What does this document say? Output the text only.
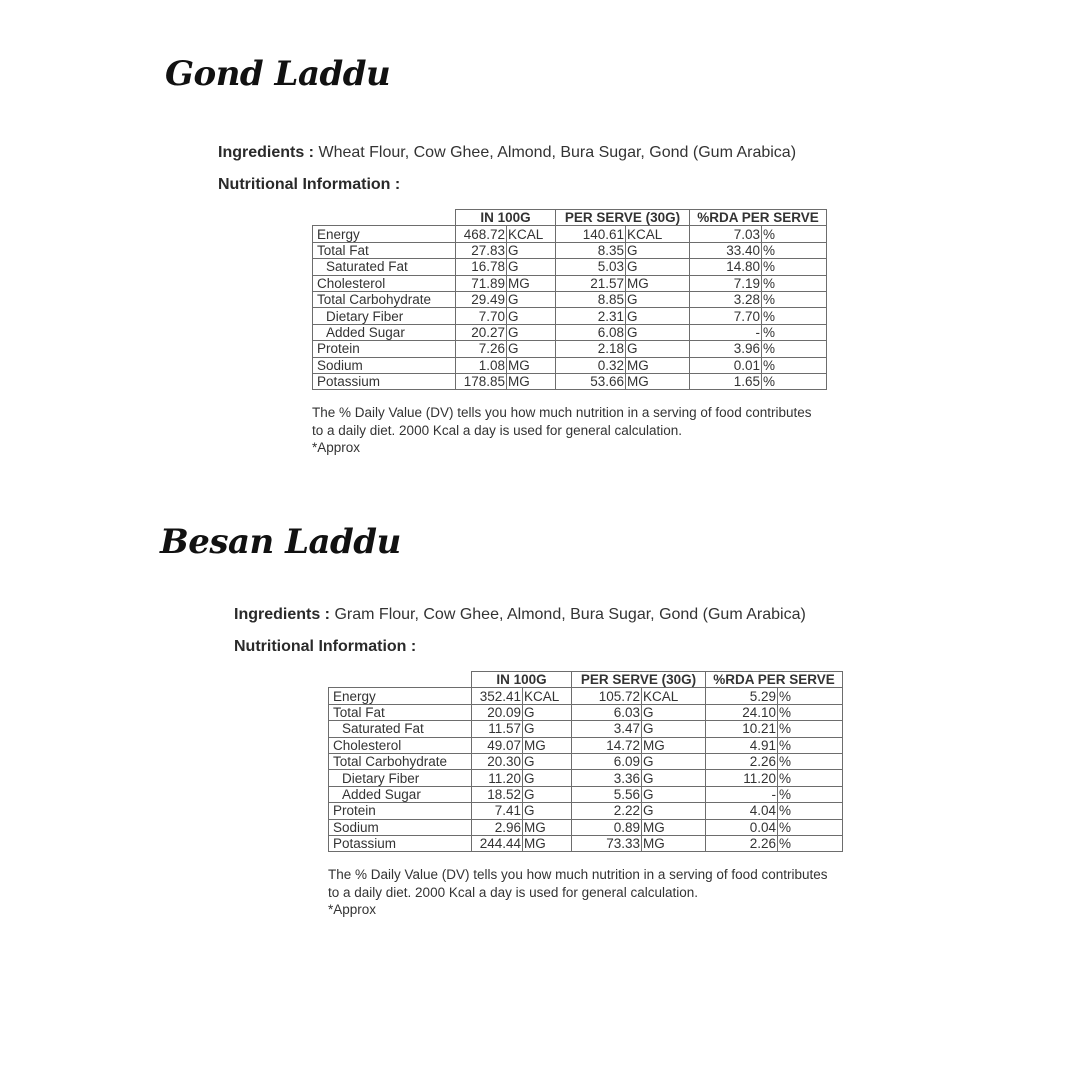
Gond Laddu
Ingredients : Wheat Flour, Cow Ghee, Almond, Bura Sugar, Gond (Gum Arabica)
Nutritional Information :
	IN 100G		PER SERVE (30G)		%RDA PER SERVE	
Energy	468.72	KCAL	140.61	KCAL	7.03	%
Total Fat	27.83	G	8.35	G	33.40	%
Saturated Fat	16.78	G	5.03	G	14.80	%
Cholesterol	71.89	MG	21.57	MG	7.19	%
Total Carbohydrate	29.49	G	8.85	G	3.28	%
Dietary Fiber	7.70	G	2.31	G	7.70	%
Added Sugar	20.27	G	6.08	G	-	%
Protein	7.26	G	2.18	G	3.96	%
Sodium	1.08	MG	0.32	MG	0.01	%
Potassium	178.85	MG	53.66	MG	1.65	%
The % Daily Value (DV) tells you how much nutrition in a serving of food contributes
to a daily diet. 2000 Kcal a day is used for general calculation.
*Approx
Besan Laddu
Ingredients : Gram Flour, Cow Ghee, Almond, Bura Sugar, Gond (Gum Arabica)
Nutritional Information :
	IN 100G		PER SERVE (30G)		%RDA PER SERVE	
Energy	352.41	KCAL	105.72	KCAL	5.29	%
Total Fat	20.09	G	6.03	G	24.10	%
Saturated Fat	11.57	G	3.47	G	10.21	%
Cholesterol	49.07	MG	14.72	MG	4.91	%
Total Carbohydrate	20.30	G	6.09	G	2.26	%
Dietary Fiber	11.20	G	3.36	G	11.20	%
Added Sugar	18.52	G	5.56	G	-	%
Protein	7.41	G	2.22	G	4.04	%
Sodium	2.96	MG	0.89	MG	0.04	%
Potassium	244.44	MG	73.33	MG	2.26	%
The % Daily Value (DV) tells you how much nutrition in a serving of food contributes
to a daily diet. 2000 Kcal a day is used for general calculation.
*Approx
